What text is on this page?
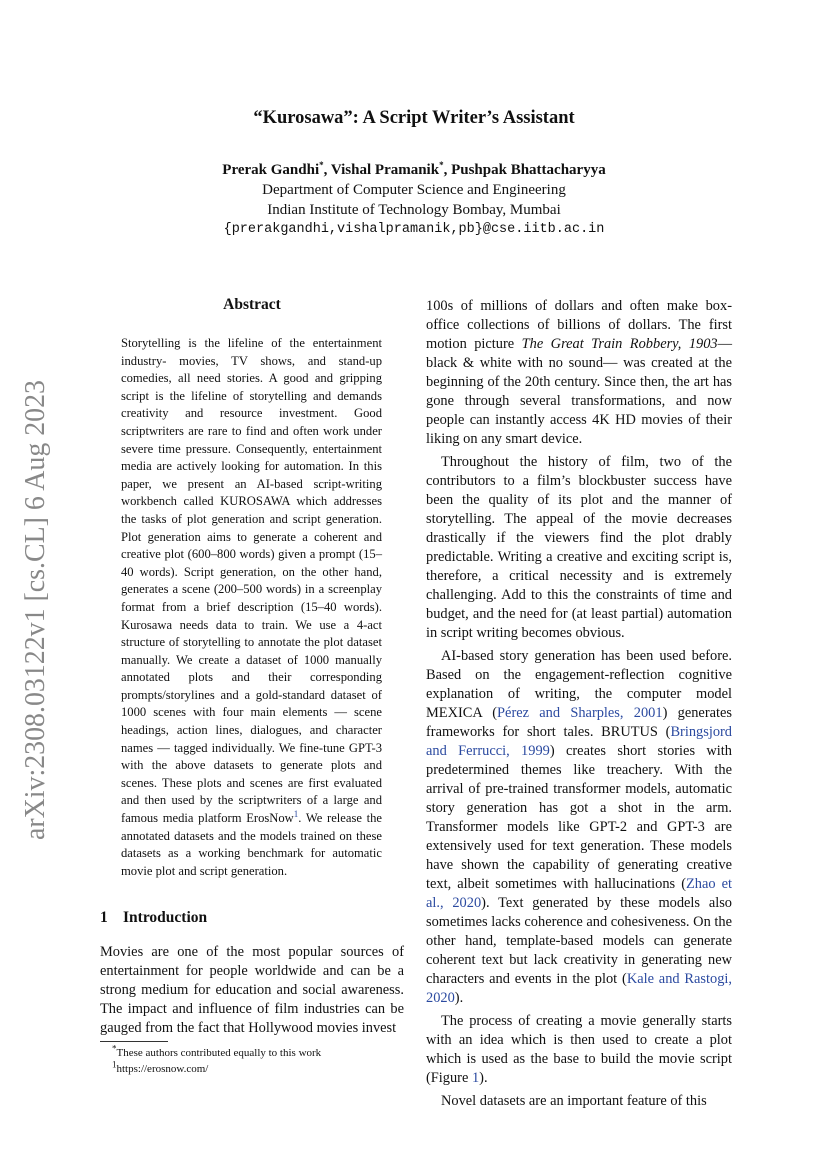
“Kurosawa”: A Script Writer’s Assistant
Prerak Gandhi*, Vishal Pramanik*, Pushpak Bhattacharyya
Department of Computer Science and Engineering
Indian Institute of Technology Bombay, Mumbai
{prerakgandhi,vishalpramanik,pb}@cse.iitb.ac.in
arXiv:2308.03122v1 [cs.CL] 6 Aug 2023
Abstract

Storytelling is the lifeline of the entertainment industry- movies, TV shows, and stand-up comedies, all need stories. A good and gripping script is the lifeline of storytelling and demands creativity and resource investment. Good scriptwriters are rare to find and often work under severe time pressure. Consequently, entertainment media are actively looking for automation. In this paper, we present an AI-based script-writing workbench called KUROSAWA which addresses the tasks of plot generation and script generation. Plot generation aims to generate a coherent and creative plot (600–800 words) given a prompt (15–40 words). Script generation, on the other hand, generates a scene (200–500 words) in a screenplay format from a brief description (15–40 words). Kurosawa needs data to train. We use a 4-act structure of storytelling to annotate the plot dataset manually. We create a dataset of 1000 manually annotated plots and their corresponding prompts/storylines and a gold-standard dataset of 1000 scenes with four main elements — scene headings, action lines, dialogues, and character names — tagged individually. We fine-tune GPT-3 with the above datasets to generate plots and scenes. These plots and scenes are first evaluated and then used by the scriptwriters of a large and famous media platform ErosNow$^1$. We release the annotated datasets and the models trained on these datasets as a working benchmark for automatic movie plot and script generation.

1 Introduction

Movies are one of the most popular sources of entertainment for people worldwide and can be a strong medium for education and social awareness. The impact and influence of film industries can be gauged from the fact that Hollywood movies invest

100s of millions of dollars and often make box-office collections of billions of dollars. The first motion picture The Great Train Robbery, 1903— black & white with no sound— was created at the beginning of the 20th century. Since then, the art has gone through several transformations, and now people can instantly access 4K HD movies of their liking on any smart device.

Throughout the history of film, two of the contributors to a film’s blockbuster success have been the quality of its plot and the manner of storytelling. The appeal of the movie decreases drastically if the viewers find the plot drably predictable. Writing a creative and exciting script is, therefore, a critical necessity and is extremely challenging. Add to this the constraints of time and budget, and the need for (at least partial) automation in script writing becomes obvious.

AI-based story generation has been used before. Based on the engagement-reflection cognitive explanation of writing, the computer model MEXICA (Pérez and Sharples, 2001) generates frameworks for short tales. BRUTUS (Bringsjord and Ferrucci, 1999) creates short stories with predetermined themes like treachery. With the arrival of pre-trained transformer models, automatic story generation has got a shot in the arm. Transformer models like GPT-2 and GPT-3 are extensively used for text generation. These models have shown the capability of generating creative text, albeit sometimes with hallucinations (Zhao et al., 2020). Text generated by these models also sometimes lacks coherence and cohesiveness. On the other hand, template-based models can generate coherent text but lack creativity in generating new characters and events in the plot (Kale and Rastogi, 2020).

The process of creating a movie generally starts with an idea which is then used to create a plot which is used as the base to build the movie script (Figure 1).

Novel datasets are an important feature of this

*These authors contributed equally to this work
$^1$https://erosnow.com/
